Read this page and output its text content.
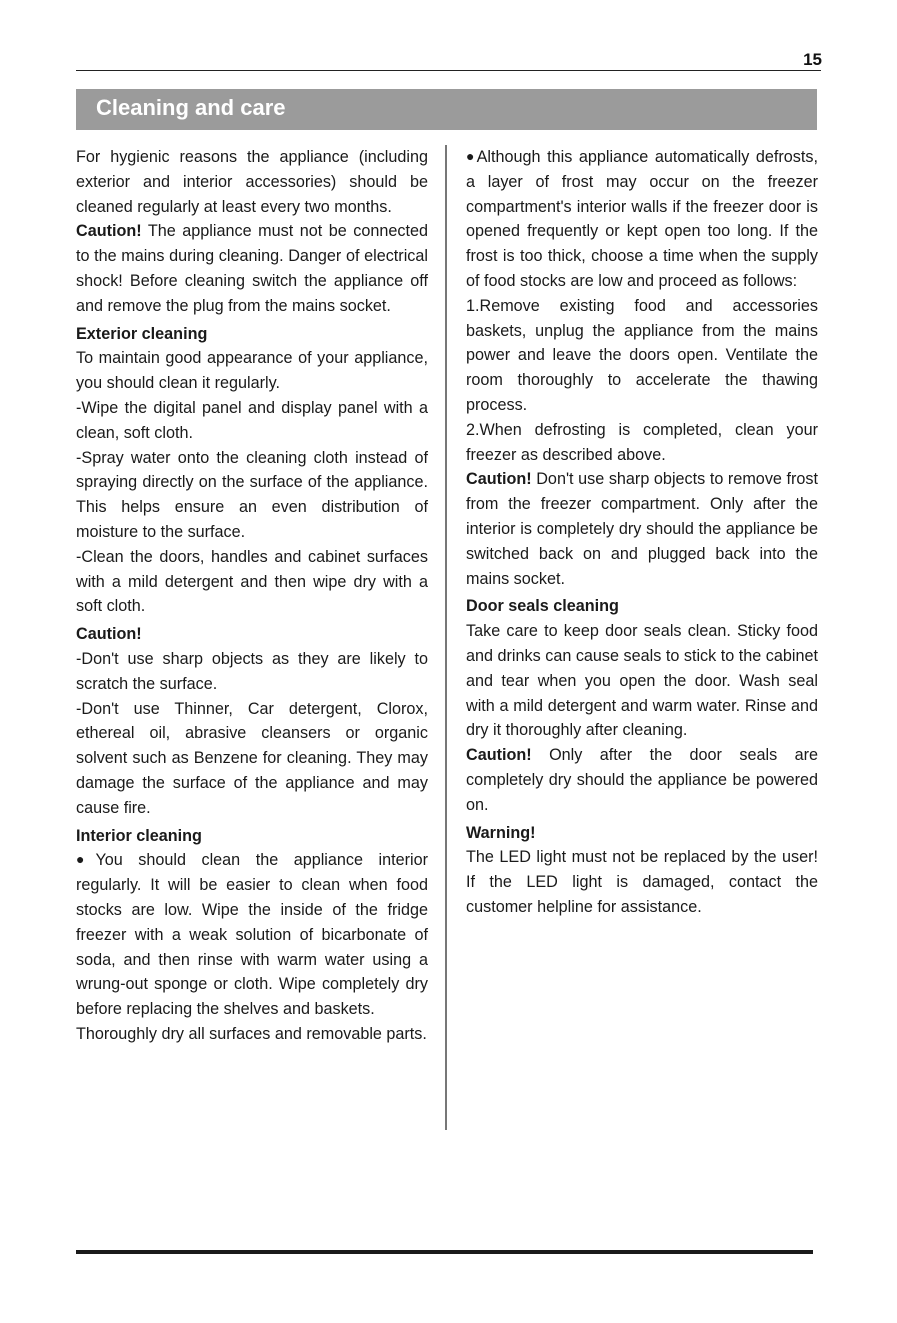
15
Cleaning and care

For hygienic reasons the appliance (including exterior and interior accessories) should be cleaned regularly at least every two months.

Caution! The appliance must not be connected to the mains during cleaning. Danger of electrical shock! Before cleaning switch the appliance off and remove the plug from the mains socket.

Exterior cleaning

To maintain good appearance of your appliance, you should clean it regularly.

-Wipe the digital panel and display panel with a clean, soft cloth.

-Spray water onto the cleaning cloth instead of spraying directly on the surface of the appliance. This helps ensure an even distribution of moisture to the surface.

-Clean the doors, handles and cabinet surfaces with a mild detergent and then wipe dry with a soft cloth.

Caution!

-Don't use sharp objects as they are likely to scratch the surface.

-Don't use Thinner, Car detergent, Clorox, ethereal oil, abrasive cleansers or organic solvent such as Benzene for cleaning. They may damage the surface of the appliance and may cause fire.

Interior cleaning

●You should clean the appliance interior regularly. It will be easier to clean when food stocks are low. Wipe the inside of the fridge freezer with a weak solution of bicarbonate of soda, and then rinse with warm water using a wrung-out sponge or cloth. Wipe completely dry before replacing the shelves and baskets.

Thoroughly dry all surfaces and removable parts.

●Although this appliance automatically defrosts, a layer of frost may occur on the freezer compartment's interior walls if the freezer door is opened frequently or kept open too long. If the frost is too thick, choose a time when the supply of food stocks are low and proceed as follows:

1.Remove existing food and accessories baskets, unplug the appliance from the mains power and leave the doors open. Ventilate the room thoroughly to accelerate the thawing process.

2.When defrosting is completed, clean your freezer as described above.

Caution! Don't use sharp objects to remove frost from the freezer compartment. Only after the interior is completely dry should the appliance be switched back on and plugged back into the mains socket.

Door seals cleaning

Take care to keep door seals clean. Sticky food and drinks can cause seals to stick to the cabinet and tear when you open the door. Wash seal with a mild detergent and warm water. Rinse and dry it thoroughly after cleaning.

Caution! Only after the door seals are completely dry should the appliance be powered on.

Warning!

The LED light must not be replaced by the user! If the LED light is damaged, contact the customer helpline for assistance.
